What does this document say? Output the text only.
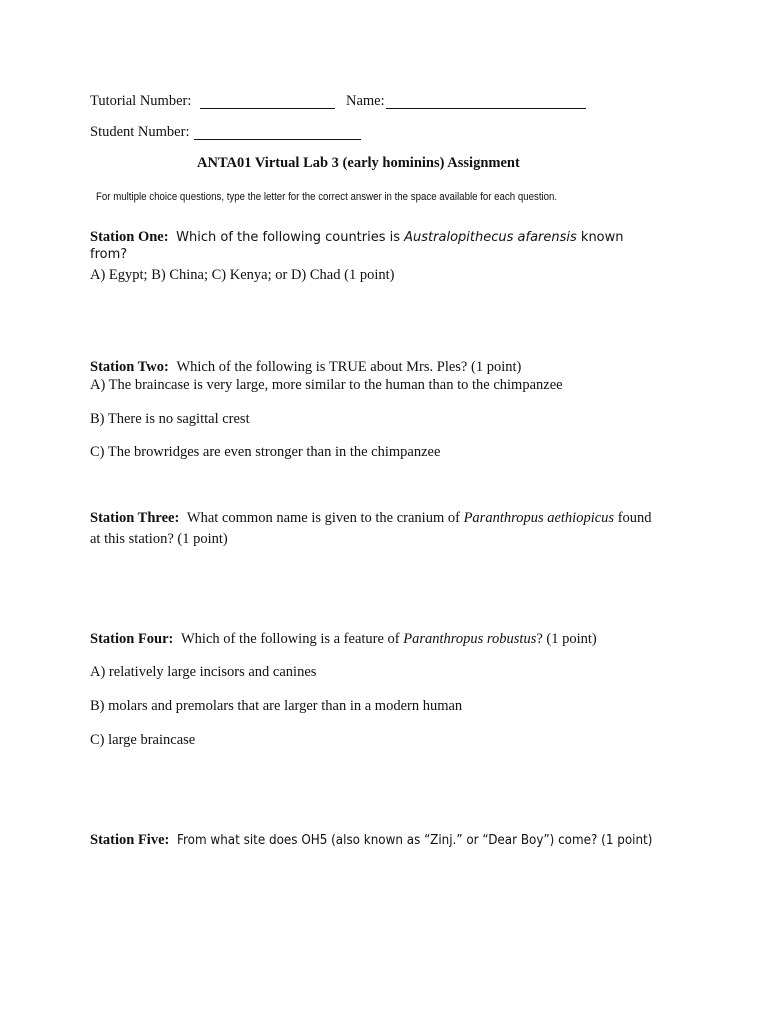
Tutorial Number:	Name:
Student Number:
ANTA01 Virtual Lab 3 (early hominins) Assignment
For multiple choice questions, type the letter for the correct answer in the space available for each question.
Station One: Which of the following countries is Australopithecus afarensis known
from?
A) Egypt; B) China; C) Kenya; or D) Chad (1 point)
Station Two: Which of the following is TRUE about Mrs. Ples? (1 point)
A) The braincase is very large, more similar to the human than to the chimpanzee
B) There is no sagittal crest
C) The browridges are even stronger than in the chimpanzee
Station Three: What common name is given to the cranium of Paranthropus aethiopicus found
at this station? (1 point)
Station Four: Which of the following is a feature of Paranthropus robustus? (1 point)
A) relatively large incisors and canines
B) molars and premolars that are larger than in a modern human
C) large braincase
Station Five: From what site does OH5 (also known as “Zinj.” or “Dear Boy”) come? (1 point)
